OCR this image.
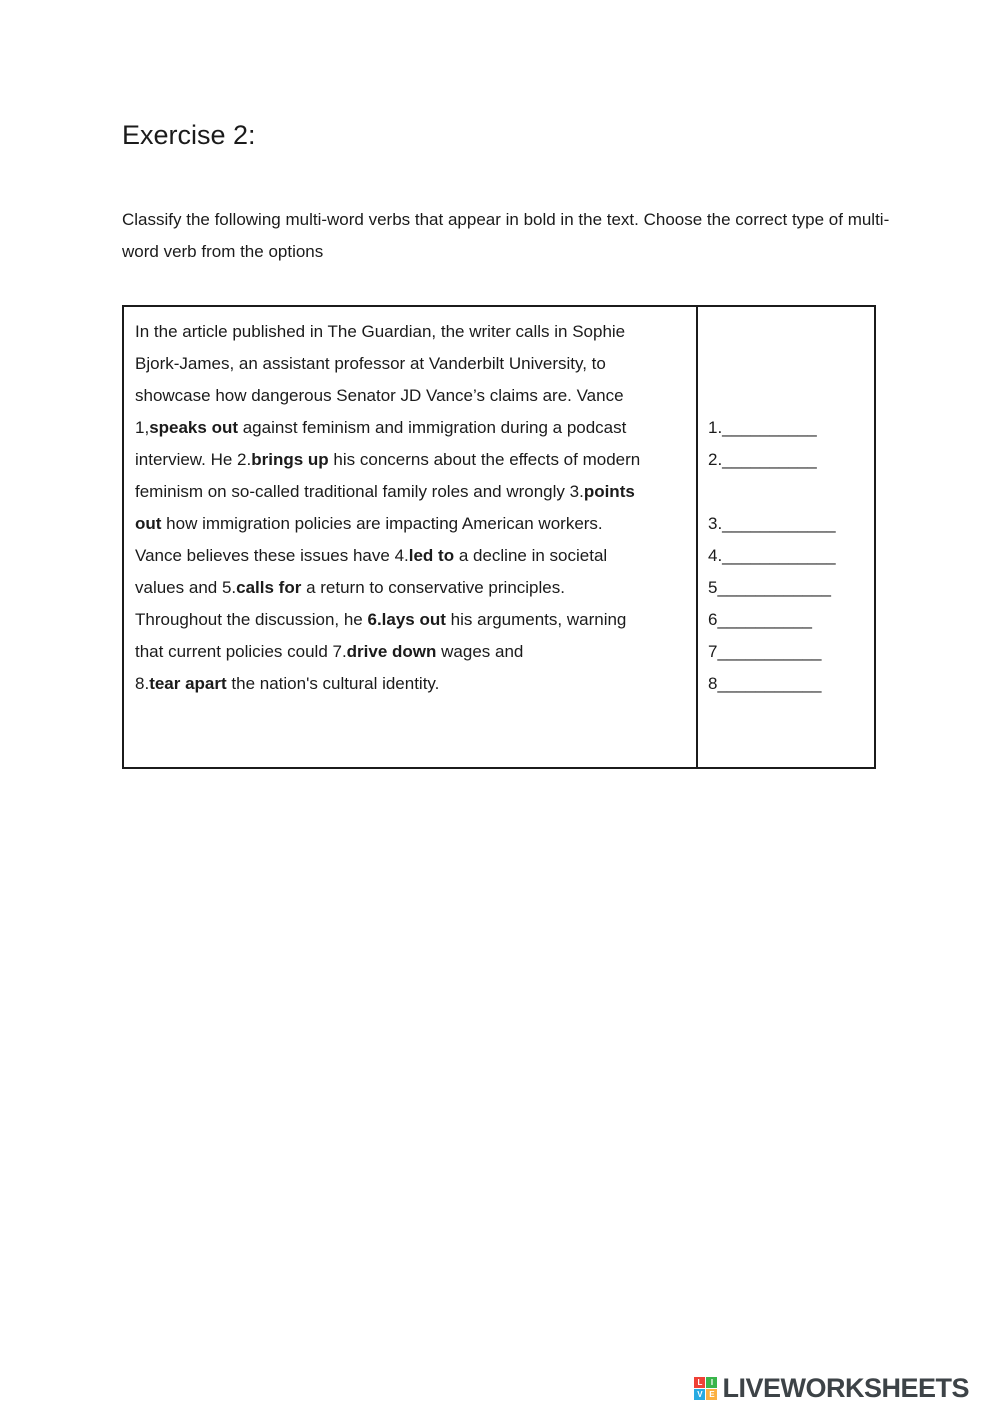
Exercise 2:

Classify the following multi-word verbs that appear in bold in the text. Choose the correct type of multi-word verb from the options

In the article published in The Guardian, the writer calls in Sophie
Bjork-James, an assistant professor at Vanderbilt University, to
showcase how dangerous Senator JD Vance’s claims are. Vance
1,speaks out against feminism and immigration during a podcast
interview. He 2.brings up his concerns about the effects of modern
feminism on so-called traditional family roles and wrongly 3.points
out how immigration policies are impacting American workers.
Vance believes these issues have 4.led to a decline in societal
values and 5.calls for a return to conservative principles.
Throughout the discussion, he 6.lays out his arguments, warning
that current policies could 7.drive down wages and
8.tear apart the nation's cultural identity.
1.__________
2.__________
3.____________
4.____________
5____________
6__________
7___________
8___________
L	I
V E LIVEWORKSHEETS
